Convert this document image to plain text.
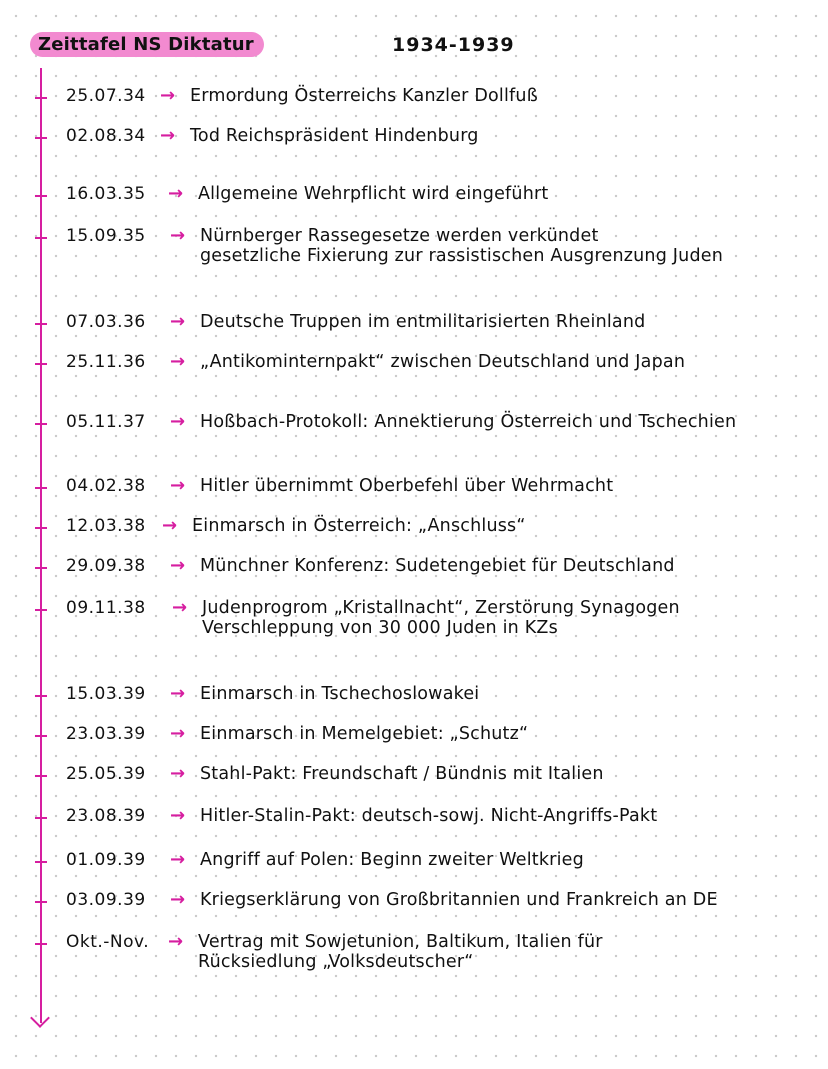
Zeittafel NS Diktatur	1934-1939
25.07.34 → Ermordung Österreichs Kanzler Dollfuß
02.08.34 → Tod Reichspräsident Hindenburg
16.03.35 → Allgemeine Wehrpflicht wird eingeführt
15.09.35 → Nürnberger Rassegesetze werden verkündet
gesetzliche Fixierung zur rassistischen Ausgrenzung Juden
07.03.36 → Deutsche Truppen im entmilitarisierten Rheinland
25.11.36 → „Antikominternpakt“ zwischen Deutschland und Japan
05.11.37 → Hoßbach-Protokoll: Annektierung Österreich und Tschechien
04.02.38 → Hitler übernimmt Oberbefehl über Wehrmacht
12.03.38 → Einmarsch in Österreich: „Anschluss“
29.09.38 → Münchner Konferenz: Sudetengebiet für Deutschland
09.11.38 → Judenprogrom „Kristallnacht“, Zerstörung Synagogen
Verschleppung von 30 000 Juden in KZs
15.03.39 → Einmarsch in Tschechoslowakei
23.03.39 → Einmarsch in Memelgebiet: „Schutz“
25.05.39 → Stahl-Pakt: Freundschaft / Bündnis mit Italien
23.08.39 → Hitler-Stalin-Pakt: deutsch-sowj. Nicht-Angriffs-Pakt
01.09.39 → Angriff auf Polen: Beginn zweiter Weltkrieg
03.09.39 → Kriegserklärung von Großbritannien und Frankreich an DE
Okt.-Nov. → Vertrag mit Sowjetunion, Baltikum, Italien für
Rücksiedlung „Volksdeutscher“
